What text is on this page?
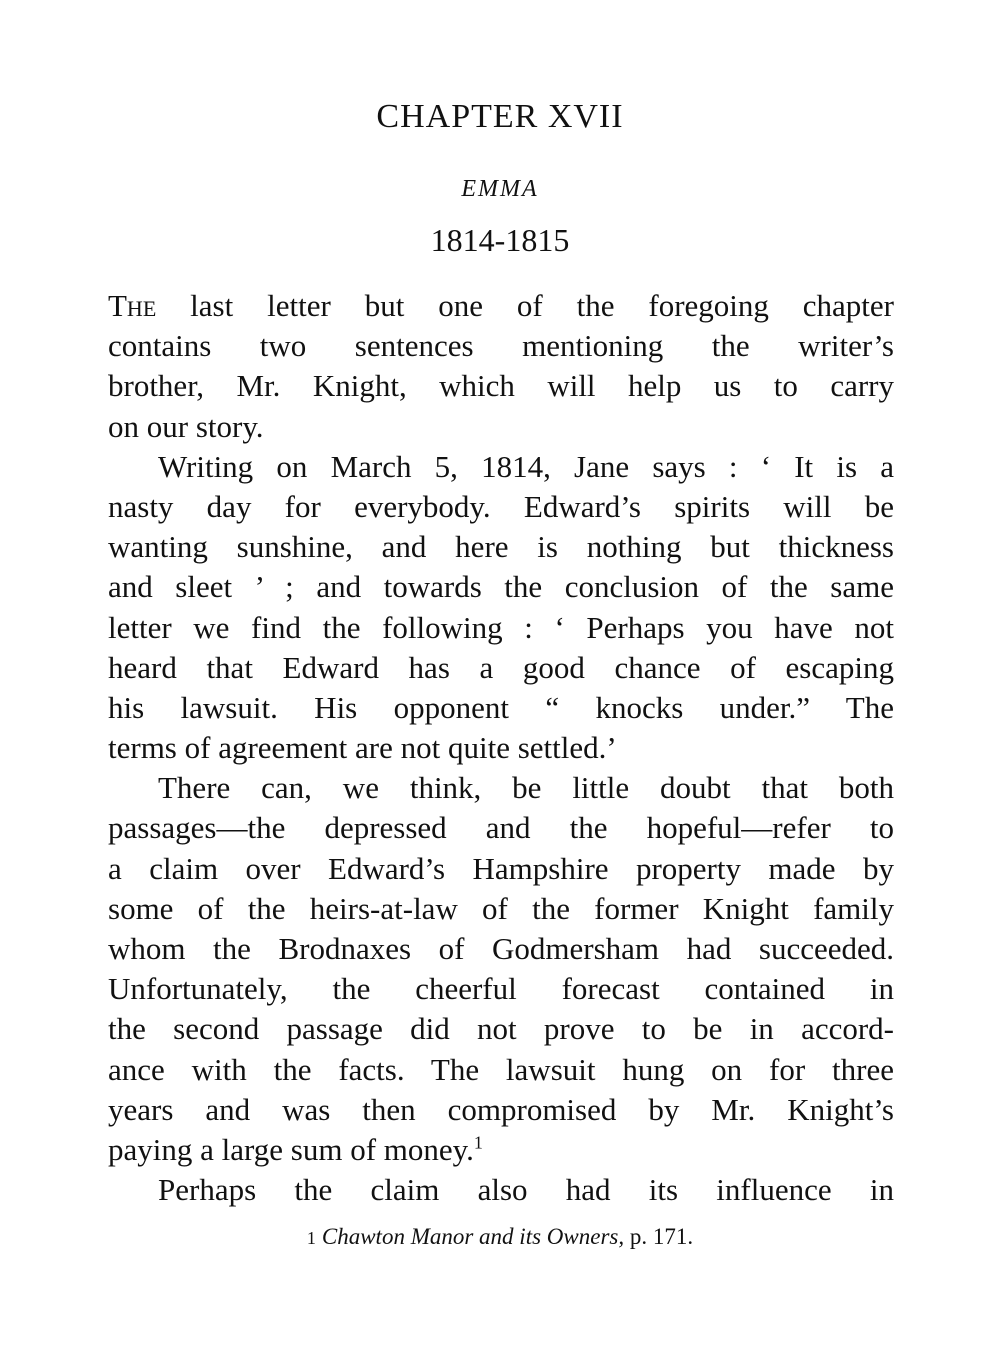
CHAPTER XVII
EMMA
1814-1815
The last letter but one of the foregoing chapter
contains two sentences mentioning the writer’s
brother, Mr. Knight, which will help us to carry
on our story.
Writing on March 5, 1814, Jane says : ‘ It is a
nasty day for everybody. Edward’s spirits will be
wanting sunshine, and here is nothing but thickness
and sleet ’ ; and towards the conclusion of the same
letter we find the following : ‘ Perhaps you have not
heard that Edward has a good chance of escaping
his lawsuit. His opponent “ knocks under.” The
terms of agreement are not quite settled.’
There can, we think, be little doubt that both
passages—the depressed and the hopeful—refer to
a claim over Edward’s Hampshire property made by
some of the heirs-at-law of the former Knight family
whom the Brodnaxes of Godmersham had succeeded.
Unfortunately, the cheerful forecast contained in
the second passage did not prove to be in accord-
ance with the facts. The lawsuit hung on for three
years and was then compromised by Mr. Knight’s
paying a large sum of money.$^1$
Perhaps the claim also had its influence in
1 Chawton Manor and its Owners, p. 171.
